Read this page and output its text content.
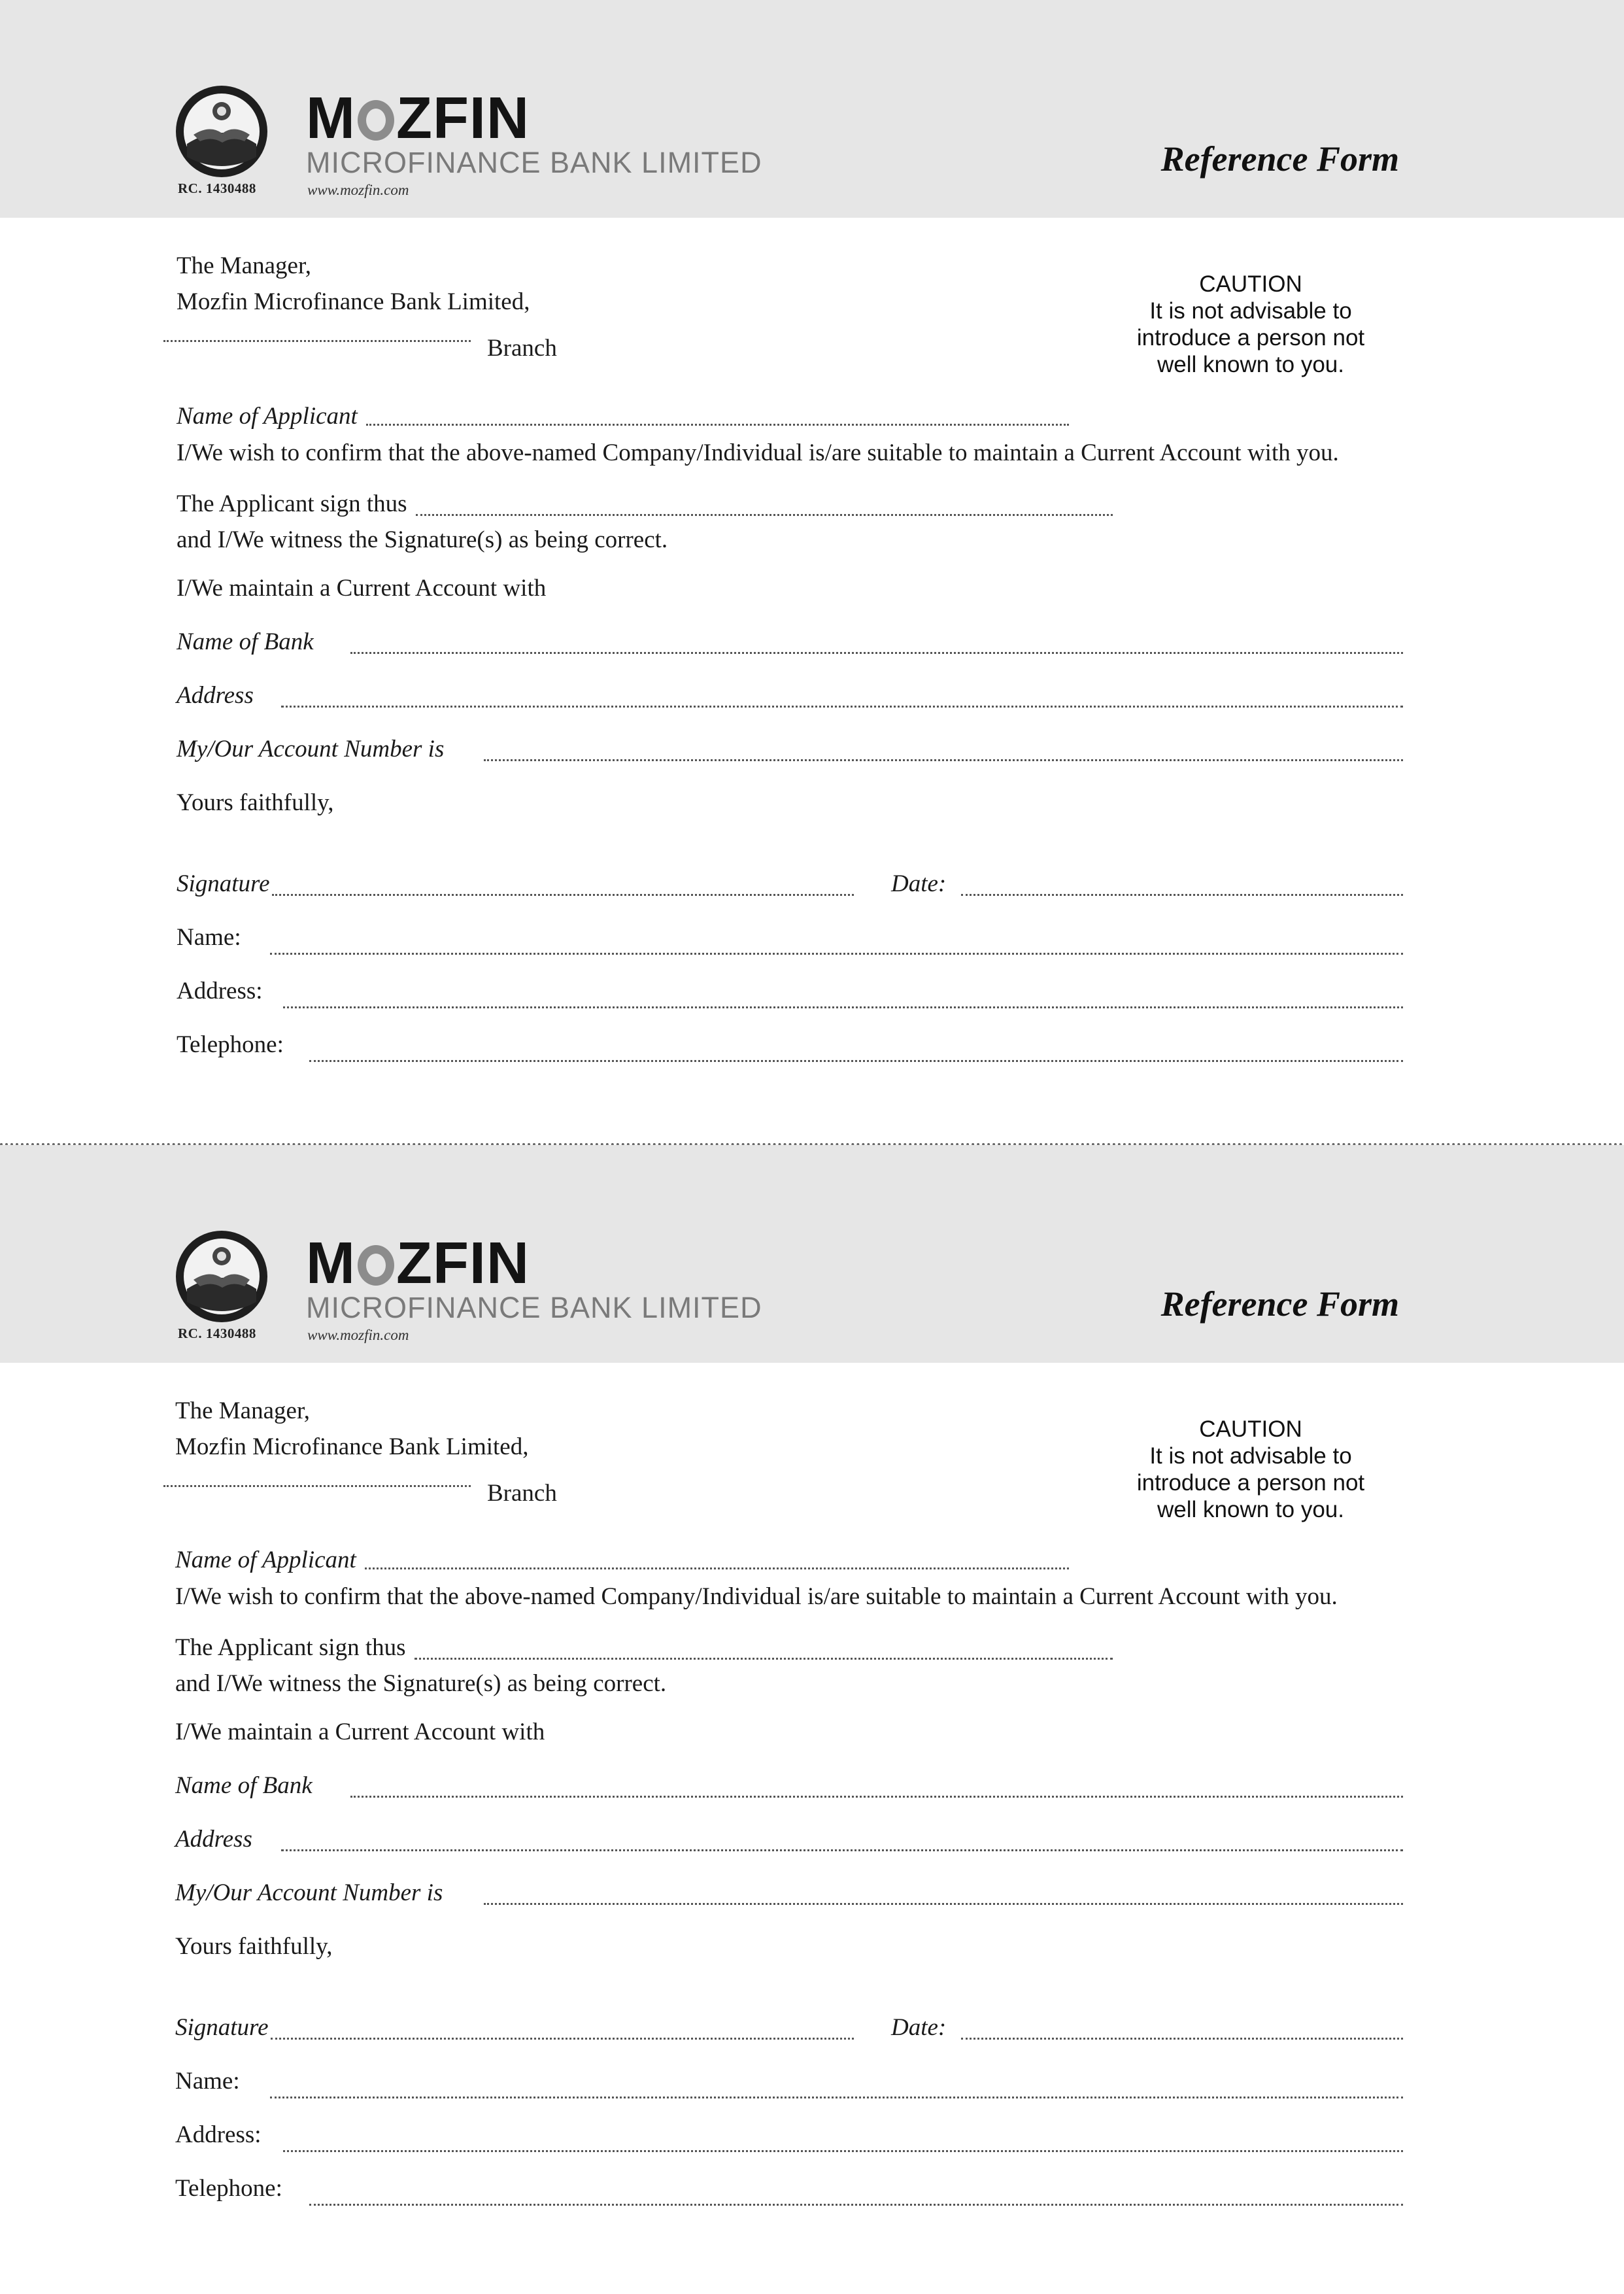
RC. 1430488
M ZFIN
MICROFINANCE BANK LIMITED
www.mozfin.com
Reference Form
The Manager,
Mozfin Microfinance Bank Limited,
Branch
CAUTION
It is not advisable to
introduce a person not
well known to you.
Name of Applicant
I/We wish to confirm that the above-named Company/Individual is/are suitable to maintain a Current Account with you.
The Applicant sign thus
and I/We witness the Signature(s) as being correct.
I/We maintain a Current Account with
Name of Bank
Address
My/Our Account Number is
Yours faithfully,
Signature	Date:
Name:
Address:
Telephone:
RC. 1430488
M ZFIN
MICROFINANCE BANK LIMITED
www.mozfin.com
Reference Form
The Manager,
Mozfin Microfinance Bank Limited,
Branch
CAUTION
It is not advisable to
introduce a person not
well known to you.
Name of Applicant
I/We wish to confirm that the above-named Company/Individual is/are suitable to maintain a Current Account with you.
The Applicant sign thus
and I/We witness the Signature(s) as being correct.
I/We maintain a Current Account with
Name of Bank
Address
My/Our Account Number is
Yours faithfully,
Signature	Date:
Name:
Address:
Telephone:
